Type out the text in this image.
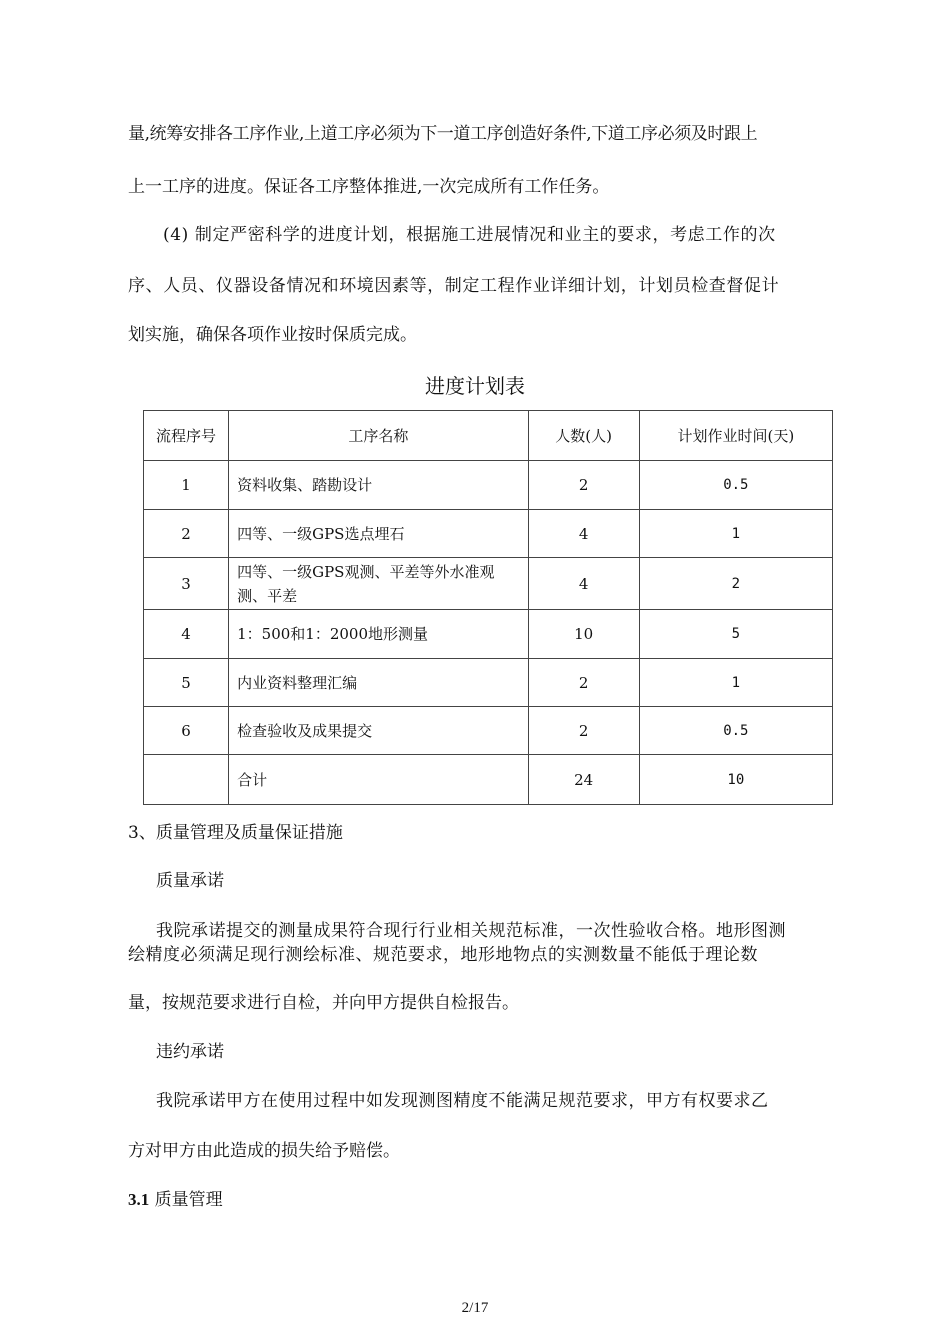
量,统筹安排各工序作业,上道工序必须为下一道工序创造好条件,下道工序必须及时跟上
上一工序的进度。保证各工序整体推进,一次完成所有工作任务。
(4) 制定严密科学的进度计划，根据施工进展情况和业主的要求，考虑工作的次
序、人员、仪器设备情况和环境因素等，制定工程作业详细计划，计划员检查督促计
划实施，确保各项作业按时保质完成。
进度计划表
流程序号	工序名称	人数(人)	计划作业时间(天)
1	资料收集、踏勘设计	2	0.5
2	四等、一级GPS选点埋石	4	1
3	四等、一级GPS观测、平差等外水准观测、平差	4	2
4	1：500和1：2000地形测量	10	5
5	内业资料整理汇编	2	1
6	检查验收及成果提交	2	0.5
	合计	24	10
3、质量管理及质量保证措施
质量承诺
我院承诺提交的测量成果符合现行行业相关规范标准，一次性验收合格。地形图测
绘精度必须满足现行测绘标准、规范要求，地形地物点的实测数量不能低于理论数
量，按规范要求进行自检，并向甲方提供自检报告。
违约承诺
我院承诺甲方在使用过程中如发现测图精度不能满足规范要求，甲方有权要求乙
方对甲方由此造成的损失给予赔偿。
3.1 质量管理
2/17
